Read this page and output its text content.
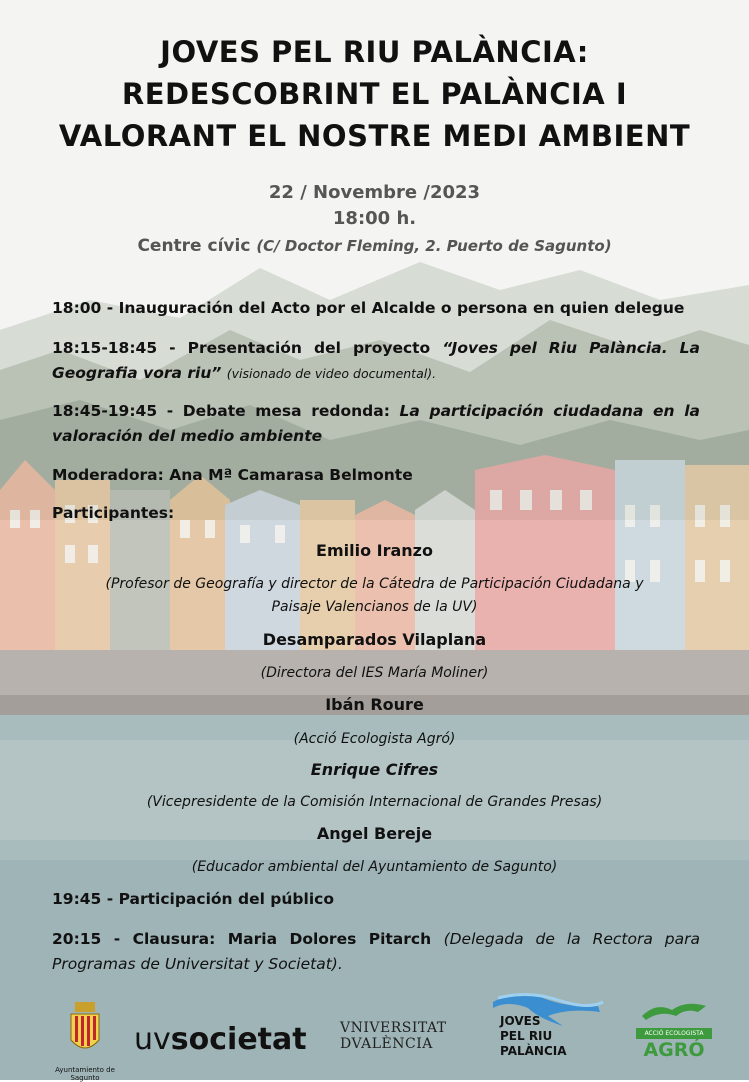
JOVES PEL RIU PALÀNCIA:
REDESCOBRINT EL PALÀNCIA I
VALORANT EL NOSTRE MEDI AMBIENT
22 / Novembre /2023
18:00 h.
Centre cívic (C/ Doctor Fleming, 2. Puerto de Sagunto)
18:00 - Inauguración del Acto por el Alcalde o persona en quien delegue
18:15-18:45 - Presentación del proyecto “Joves pel Riu Palància. La
Geografia vora riu” (visionado de video documental).
18:45-19:45 - Debate mesa redonda: La participación ciudadana en la
valoración del medio ambiente
Moderadora: Ana Mª Camarasa Belmonte
Participantes:
Emilio Iranzo
(Profesor de Geografía y director de la Cátedra de Participación Ciudadana y
Paisaje Valencianos de la UV)
Desamparados Vilaplana
(Directora del IES María Moliner)
Ibán Roure
(Acció Ecologista Agró)
Enrique Cifres
(Vicepresidente de la Comisión Internacional de Grandes Presas)
Angel Bereje
(Educador ambiental del Ayuntamiento de Sagunto)
19:45 - Participación del público
20:15 - Clausura: Maria Dolores Pitarch (Delegada de la Rectora para
Programas de Universitat y Societat).
Ayuntamiento de Sagunto
uvsocietat VNIVERSITAT
DVALÈNCIA
JOVES
PEL RIU
PALÀNCIA
ACCIÓ ECOLOGISTA
AGRÓ
